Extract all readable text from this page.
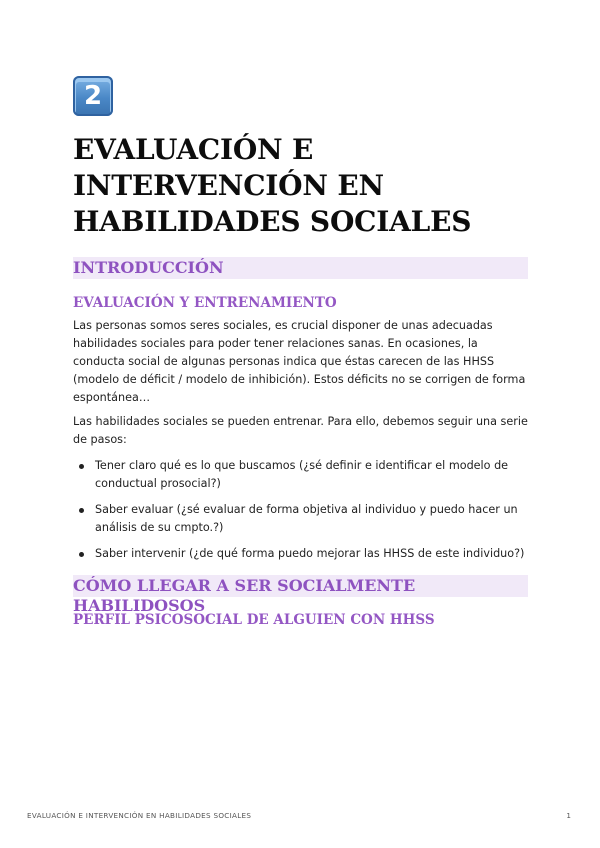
2
EVALUACIÓN E INTERVENCIÓN EN HABILIDADES SOCIALES
INTRODUCCIÓN
EVALUACIÓN Y ENTRENAMIENTO

Las personas somos seres sociales, es crucial disponer de unas adecuadas habilidades sociales para poder tener relaciones sanas. En ocasiones, la conducta social de algunas personas indica que éstas carecen de las HHSS (modelo de déficit / modelo de inhibición). Estos déficits no se corrigen de forma espontánea…

Las habilidades sociales se pueden entrenar. Para ello, debemos seguir una serie de pasos:

Tener claro qué es lo que buscamos (¿sé definir e identificar el modelo de conductual prosocial?)
Saber evaluar (¿sé evaluar de forma objetiva al individuo y puedo hacer un análisis de su cmpto.?)
Saber intervenir (¿de qué forma puedo mejorar las HHSS de este individuo?)
CÓMO LLEGAR A SER SOCIALMENTE HABILIDOSOS
PERFIL PSICOSOCIAL DE ALGUIEN CON HHSS
EVALUACIÓN E INTERVENCIÓN EN HABILIDADES SOCIALES	1
